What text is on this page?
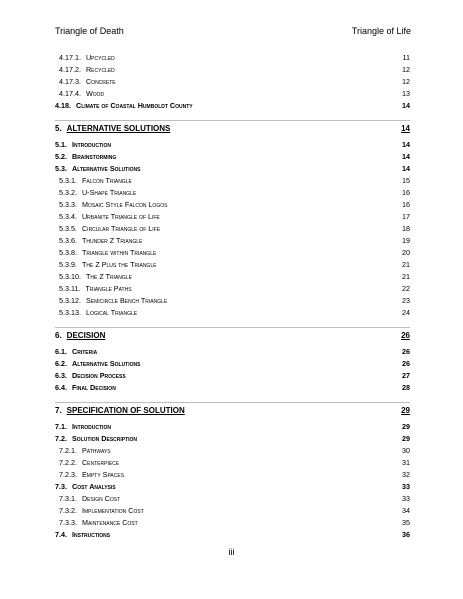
Triangle of Death	Triangle of Life
4.17.1. Upcycled	11
4.17.2. Recycled	12
4.17.3. Concrete	12
4.17.4. Wood	13
4.18. Climate of Coastal Humboldt County	14
5. ALTERNATIVE SOLUTIONS	14
5.1. Introduction	14
5.2. Brainstorming	14
5.3. Alternative Solutions	14
5.3.1. Falcon Triangle	15
5.3.2. U-Shape Triangle	16
5.3.3. Mosaic Style Falcon Logos	16
5.3.4. Urbanite Triangle of Life	17
5.3.5. Circular Triangle of Life	18
5.3.6. Thunder Z Triangle	19
5.3.8. Triangle within Triangle	20
5.3.9. The Z Plus the Triangle	21
5.3.10. The Z Triangle	21
5.3.11. Triangle Paths	22
5.3.12. Semicircle Bench Triangle	23
5.3.13. Logical Triangle	24
6. DECISION	26
6.1. Criteria	26
6.2. Alternative Solutions	26
6.3. Decision Process	27
6.4. Final Decision	28
7. SPECIFICATION OF SOLUTION	29
7.1. Introduction	29
7.2. Solution Description	29
7.2.1. Pathways	30
7.2.2. Centerpiece	31
7.2.3. Empty Spaces	32
7.3. Cost Analysis	33
7.3.1. Design Cost	33
7.3.2. Implementation Cost	34
7.3.3. Maintenance Cost	35
7.4. Instructions	36
iii
